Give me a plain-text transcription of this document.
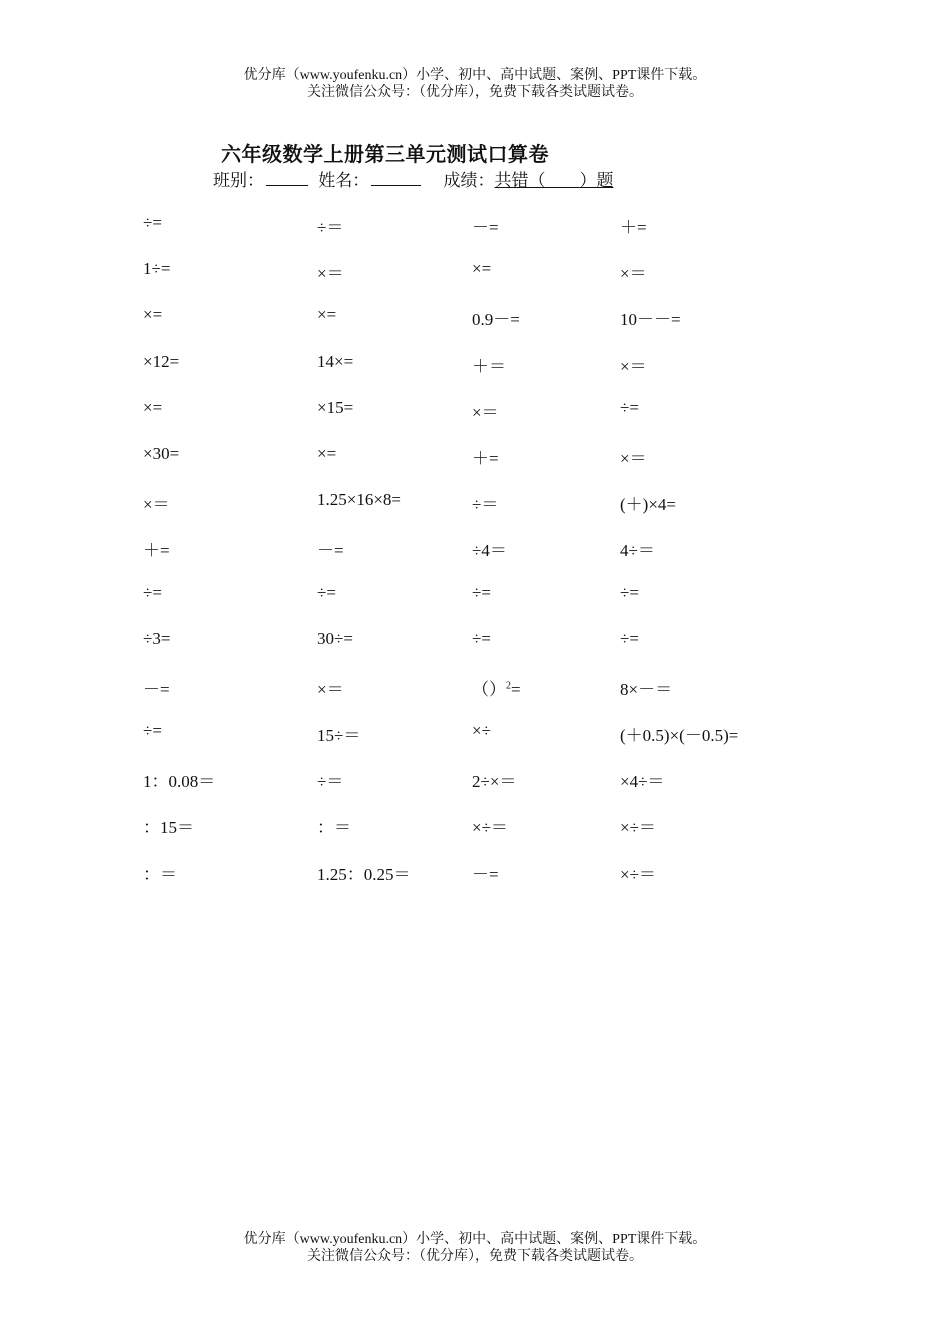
优分库（www.youfenku.cn）小学、初中、高中试题、案例、PPT课件下载。
关注微信公众号：（优分库），免费下载各类试题试卷。
六年级数学上册第三单元测试口算卷
班别：	姓名：	成绩：共错（　　）题
÷=	÷＝	－=	＋=
1÷=	×＝	×=	×＝
×=	×=	0.9－=	10－－=
×12=	14×=	＋＝	×＝
×=	×15=	×＝	÷=
×30=	×=	＋=	×＝
×＝	1.25×16×8=	÷＝	(＋)×4=
＋=	－=	÷4＝	4÷＝
÷=	÷=	÷=	÷=
÷3=	30÷=	÷=	÷=
－=	×＝	（）$^2$=	8×－＝
÷=	15÷＝	×÷	(＋0.5)×(－0.5)=
1：0.08＝	÷＝	2÷×＝	×4÷＝
：15＝	：＝	×÷＝	×÷＝
：＝	1.25：0.25＝	－=	×÷＝
优分库（www.youfenku.cn）小学、初中、高中试题、案例、PPT课件下载。
关注微信公众号：（优分库），免费下载各类试题试卷。
